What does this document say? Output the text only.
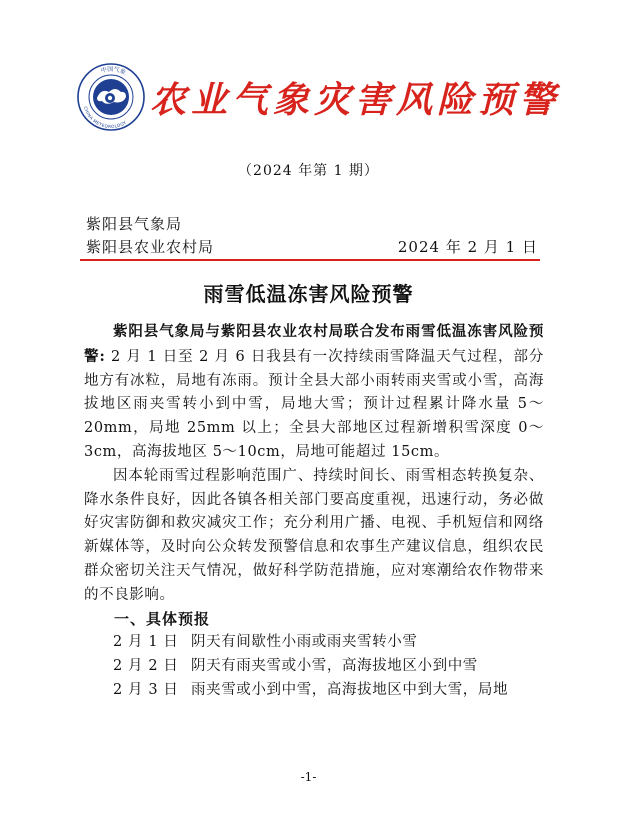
中国气象
CHINA METEOROLOGY
农业气象灾害风险预警
（2024 年第 1 期）
紫阳县气象局
紫阳县农业农村局	2024 年 2 月 1 日
雨雪低温冻害风险预警

紫阳县气象局与紫阳县农业农村局联合发布雨雪低温冻害风险预警: 2 月 1 日至 2 月 6 日我县有一次持续雨雪降温天气过程，部分地方有冰粒，局地有冻雨。预计全县大部小雨转雨夹雪或小雪，高海拔地区雨夹雪转小到中雪，局地大雪；预计过程累计降水量 5～20mm，局地 25mm 以上；全县大部地区过程新增积雪深度 0～3cm，高海拔地区 5～10cm，局地可能超过 15cm。

因本轮雨雪过程影响范围广、持续时间长、雨雪相态转换复杂、降水条件良好，因此各镇各相关部门要高度重视，迅速行动，务必做好灾害防御和救灾减灾工作；充分利用广播、电视、手机短信和网络新媒体等，及时向公众转发预警信息和农事生产建议信息，组织农民群众密切关注天气情况，做好科学防范措施，应对寒潮给农作物带来的不良影响。

一、具体预报

2 月 1 日 阴天有间歇性小雨或雨夹雪转小雪

2 月 2 日 阴天有雨夹雪或小雪，高海拔地区小到中雪

2 月 3 日 雨夹雪或小到中雪，高海拔地区中到大雪，局地

-1-
